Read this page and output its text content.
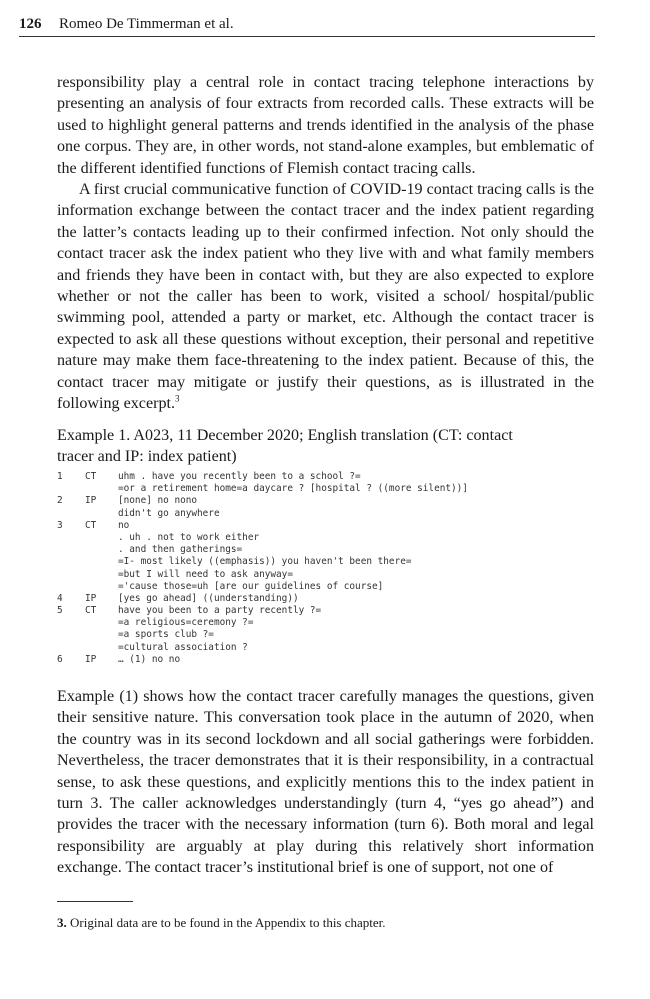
126 Romeo De Timmerman et al.

responsibility play a central role in contact tracing telephone interactions by presenting an analysis of four extracts from recorded calls. These extracts will be used to highlight general patterns and trends identified in the analysis of the phase one corpus. They are, in other words, not stand-alone examples, but emblematic of the different identified functions of Flemish contact tracing calls.

A first crucial communicative function of COVID-19 contact tracing calls is the information exchange between the contact tracer and the index patient regarding the latter’s contacts leading up to their confirmed infection. Not only should the contact tracer ask the index patient who they live with and what family members and friends they have been in contact with, but they are also expected to explore whether or not the caller has been to work, visited a school/ hospital/public swimming pool, attended a party or market, etc. Although the contact tracer is expected to ask all these questions without exception, their personal and repetitive nature may make them face-threatening to the index patient. Because of this, the contact tracer may mitigate or justify their questions, as is illustrated in the following excerpt.$^3$

Example 1. A023, 11 December 2020; English translation (CT: contact
tracer and IP: index patient)
1	CT	uhm . have you recently been to a school ?=
=or a retirement home=a daycare ? [hospital ? ((more silent))]
2	IP	[none] no nono
didn't go anywhere
3	CT	no
. uh . not to work either
. and then gatherings=
=I- most likely ((emphasis)) you haven't been there=
=but I will need to ask anyway=
='cause those=uh [are our guidelines of course]
4	IP	[yes go ahead] ((understanding))
5	CT	have you been to a party recently ?=
=a religious=ceremony ?=
=a sports club ?=
=cultural association ?
6	IP	… (1) no no

Example (1) shows how the contact tracer carefully manages the questions, given their sensitive nature. This conversation took place in the autumn of 2020, when the country was in its second lockdown and all social gatherings were forbidden. Nevertheless, the tracer demonstrates that it is their responsibility, in a contractual sense, to ask these questions, and explicitly mentions this to the index patient in turn 3. The caller acknowledges understandingly (turn 4, “yes go ahead”) and provides the tracer with the necessary information (turn 6). Both moral and legal responsibility are arguably at play during this relatively short information exchange. The contact tracer’s institutional brief is one of support, not one of

3. Original data are to be found in the Appendix to this chapter.
